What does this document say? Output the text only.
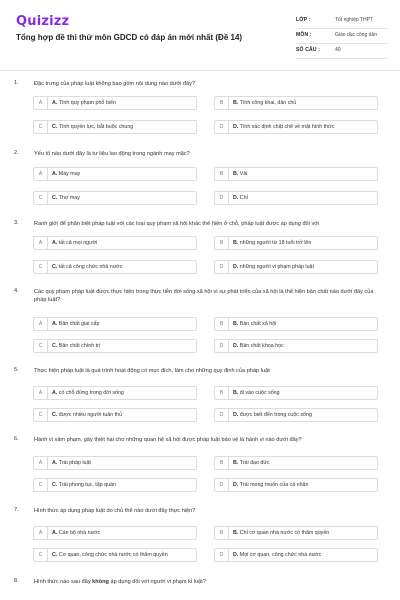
Quizizz
Tổng hợp đề thi thử môn GDCD có đáp án mới nhất (Đề 14)
LỚP :	Tốt nghiệp THPT
MÔN :	Giáo dục công dân
SỐ CÂU :	40
1.	Đặc trưng của pháp luật không bao gồm nội dung nào dưới đây?
A	A. Tính quy phạm phổ biến	B	B. Tính công khai, dân chủ
C	C. Tính quyền lực, bắt buộc chung	D	D. Tính xác định chặt chẽ về mặt hình thức
2.	Yếu tố nào dưới đây là tư liệu lao động trong ngành may mặc?
A	A. Máy may	B	B. Vải
C	C. Thợ may	D	D. Chỉ
3.	Ranh giới để phân biệt pháp luật với các loại quy phạm xã hội khác thể hiện ở chỗ, pháp luật được áp dụng đối với
A	A. tất cả mọi người	B	B. những người từ 18 tuổi trở lên
C	C. tất cả công chức nhà nước	D	D. những người vi phạm pháp luật
4.	Các quy phạm pháp luật được thực hiện trong thực tiễn đời sống xã hội vì sự phát triển của xã hội là thể hiện bản chất nào dưới đây của pháp luật?
A	A. Bản chất giai cấp	B	B. Bản chất xã hội
C	C. Bản chất chính trị	D	D. Bản chất khoa học
5.	Thực hiện pháp luật là quá trình hoạt động có mục đích, làm cho những quy định của pháp luật
A	A. có chỗ đứng trong đời sống	B	B. đi vào cuộc sống
C	C. được nhiều người tuân thủ	D	D. được biết đến trong cuộc sống
6.	Hành vi xâm phạm, gây thiệt hại cho những quan hệ xã hội được pháp luật bảo vệ là hành vi nào dưới đây?
A	A. Trái pháp luật	B	B. Trái đạo đức
C	C. Trái phong tục, tập quán	D	D. Trái mong muốn của cá nhân
7.	Hình thức áp dụng pháp luật do chủ thể nào dưới đây thực hiện?
A	A. Cán bộ nhà nước	B	B. Chỉ cơ quan nhà nước có thẩm quyền
C	C. Cơ quan, công chức nhà nước có thẩm quyền	D	D. Mọi cơ quan, công chức nhà nước
8.	Hình thức nào sau đây không áp dụng đối với người vi phạm kỉ luật?
